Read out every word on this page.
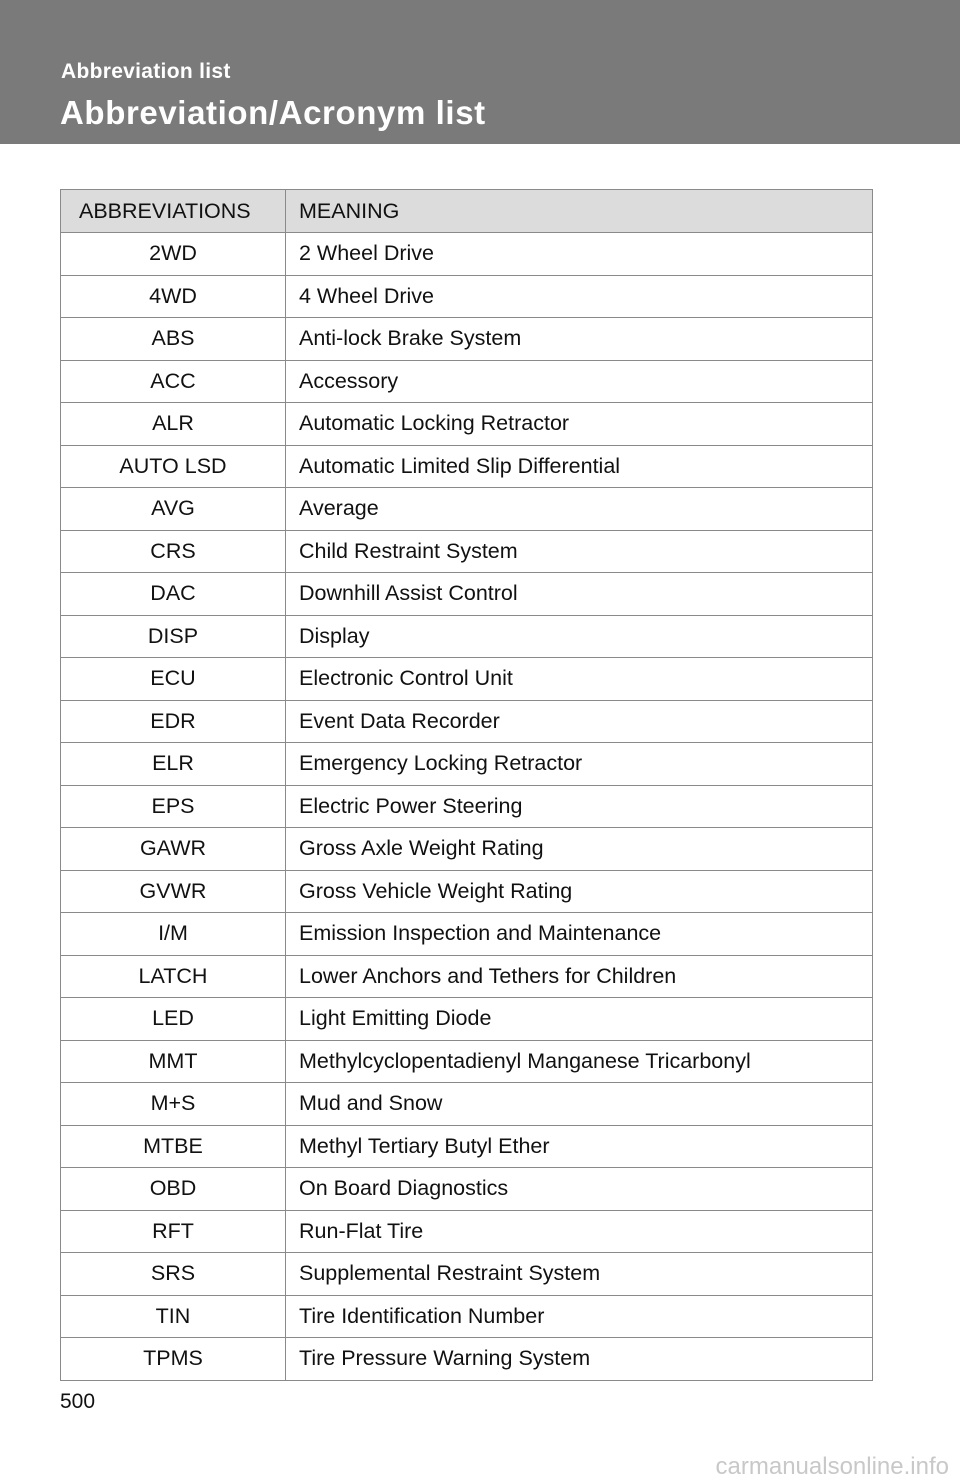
Abbreviation list
Abbreviation/Acronym list
ABBREVIATIONS	MEANING
2WD	2 Wheel Drive
4WD	4 Wheel Drive
ABS	Anti-lock Brake System
ACC	Accessory
ALR	Automatic Locking Retractor
AUTO LSD	Automatic Limited Slip Differential
AVG	Average
CRS	Child Restraint System
DAC	Downhill Assist Control
DISP	Display
ECU	Electronic Control Unit
EDR	Event Data Recorder
ELR	Emergency Locking Retractor
EPS	Electric Power Steering
GAWR	Gross Axle Weight Rating
GVWR	Gross Vehicle Weight Rating
I/M	Emission Inspection and Maintenance
LATCH	Lower Anchors and Tethers for Children
LED	Light Emitting Diode
MMT	Methylcyclopentadienyl Manganese Tricarbonyl
M+S	Mud and Snow
MTBE	Methyl Tertiary Butyl Ether
OBD	On Board Diagnostics
RFT	Run-Flat Tire
SRS	Supplemental Restraint System
TIN	Tire Identification Number
TPMS	Tire Pressure Warning System
500
carmanualsonline.info
